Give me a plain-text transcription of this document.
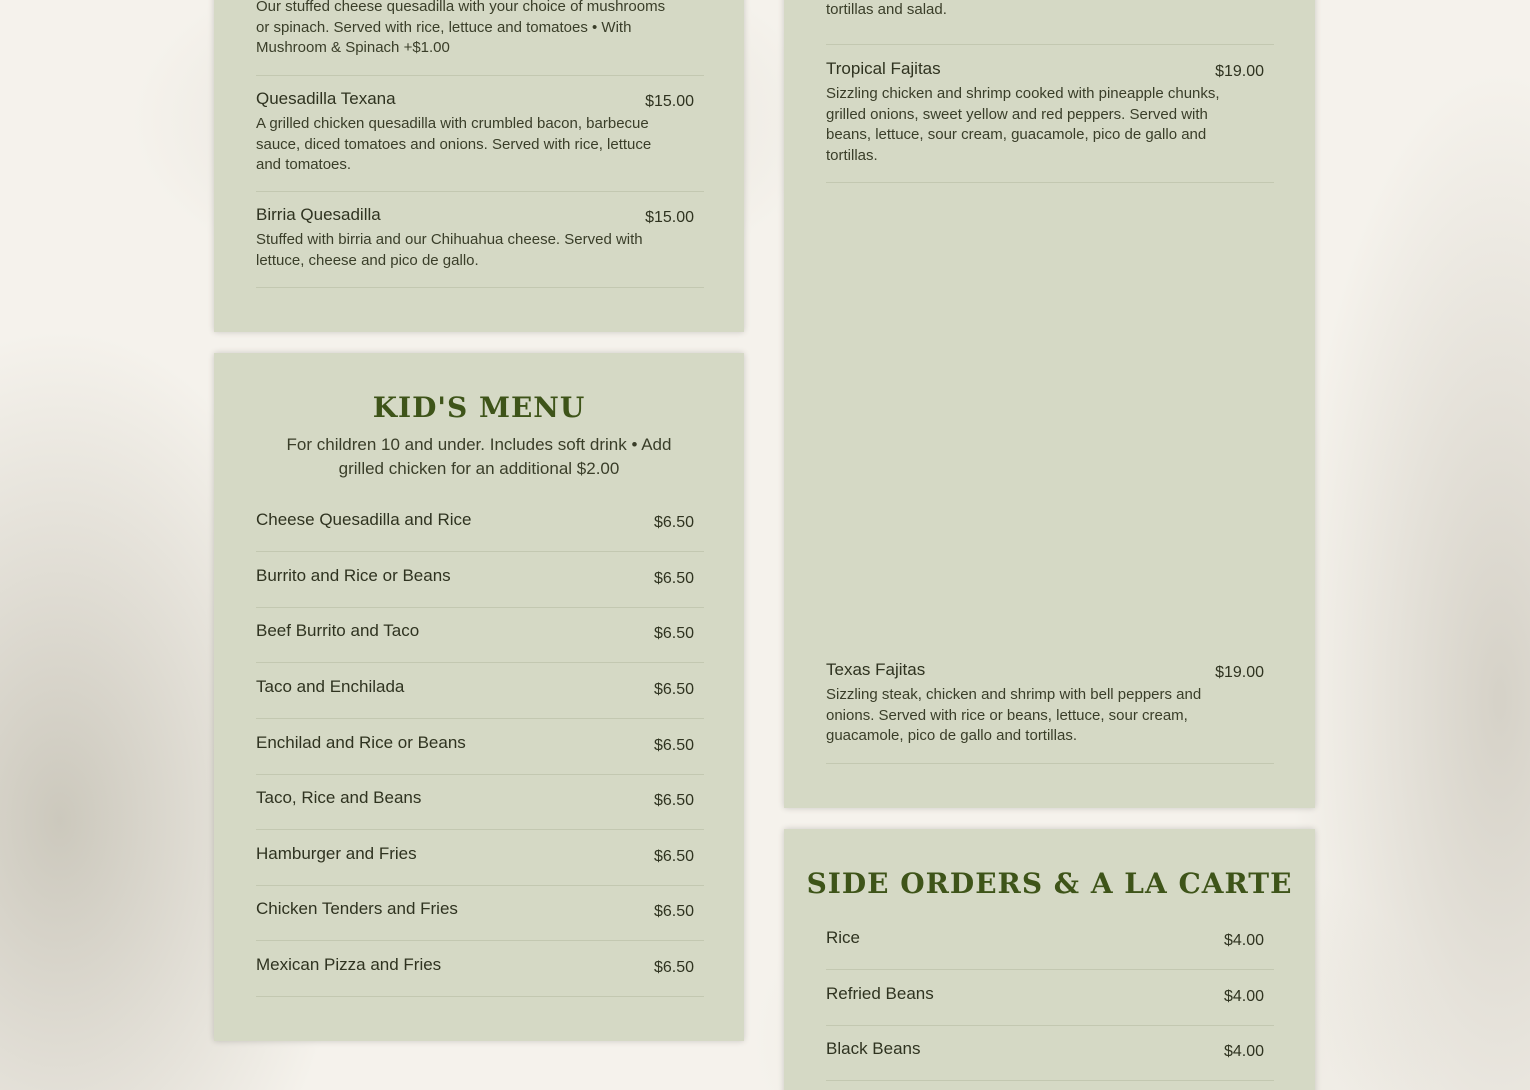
Our stuffed cheese quesadilla with your choice of mushrooms or spinach. Served with rice, lettuce and tomatoes • With Mushroom & Spinach +$1.00
Quesadilla Texana	$15.00
A grilled chicken quesadilla with crumbled bacon, barbecue sauce, diced tomatoes and onions. Served with rice, lettuce and tomatoes.
Birria Quesadilla	$15.00
Stuffed with birria and our Chihuahua cheese. Served with lettuce, cheese and pico de gallo.
KID'S MENU
For children 10 and under. Includes soft drink • Add grilled chicken for an additional $2.00
Cheese Quesadilla and Rice	$6.50
Burrito and Rice or Beans	$6.50
Beef Burrito and Taco	$6.50
Taco and Enchilada	$6.50
Enchilad and Rice or Beans	$6.50
Taco, Rice and Beans	$6.50
Hamburger and Fries	$6.50
Chicken Tenders and Fries	$6.50
Mexican Pizza and Fries	$6.50
tortillas and salad.
Tropical Fajitas	$19.00
Sizzling chicken and shrimp cooked with pineapple chunks, grilled onions, sweet yellow and red peppers. Served with beans, lettuce, sour cream, guacamole, pico de gallo and tortillas.
Texas Fajitas	$19.00
Sizzling steak, chicken and shrimp with bell peppers and onions. Served with rice or beans, lettuce, sour cream, guacamole, pico de gallo and tortillas.
SIDE ORDERS & A LA CARTE
Rice	$4.00
Refried Beans	$4.00
Black Beans	$4.00
